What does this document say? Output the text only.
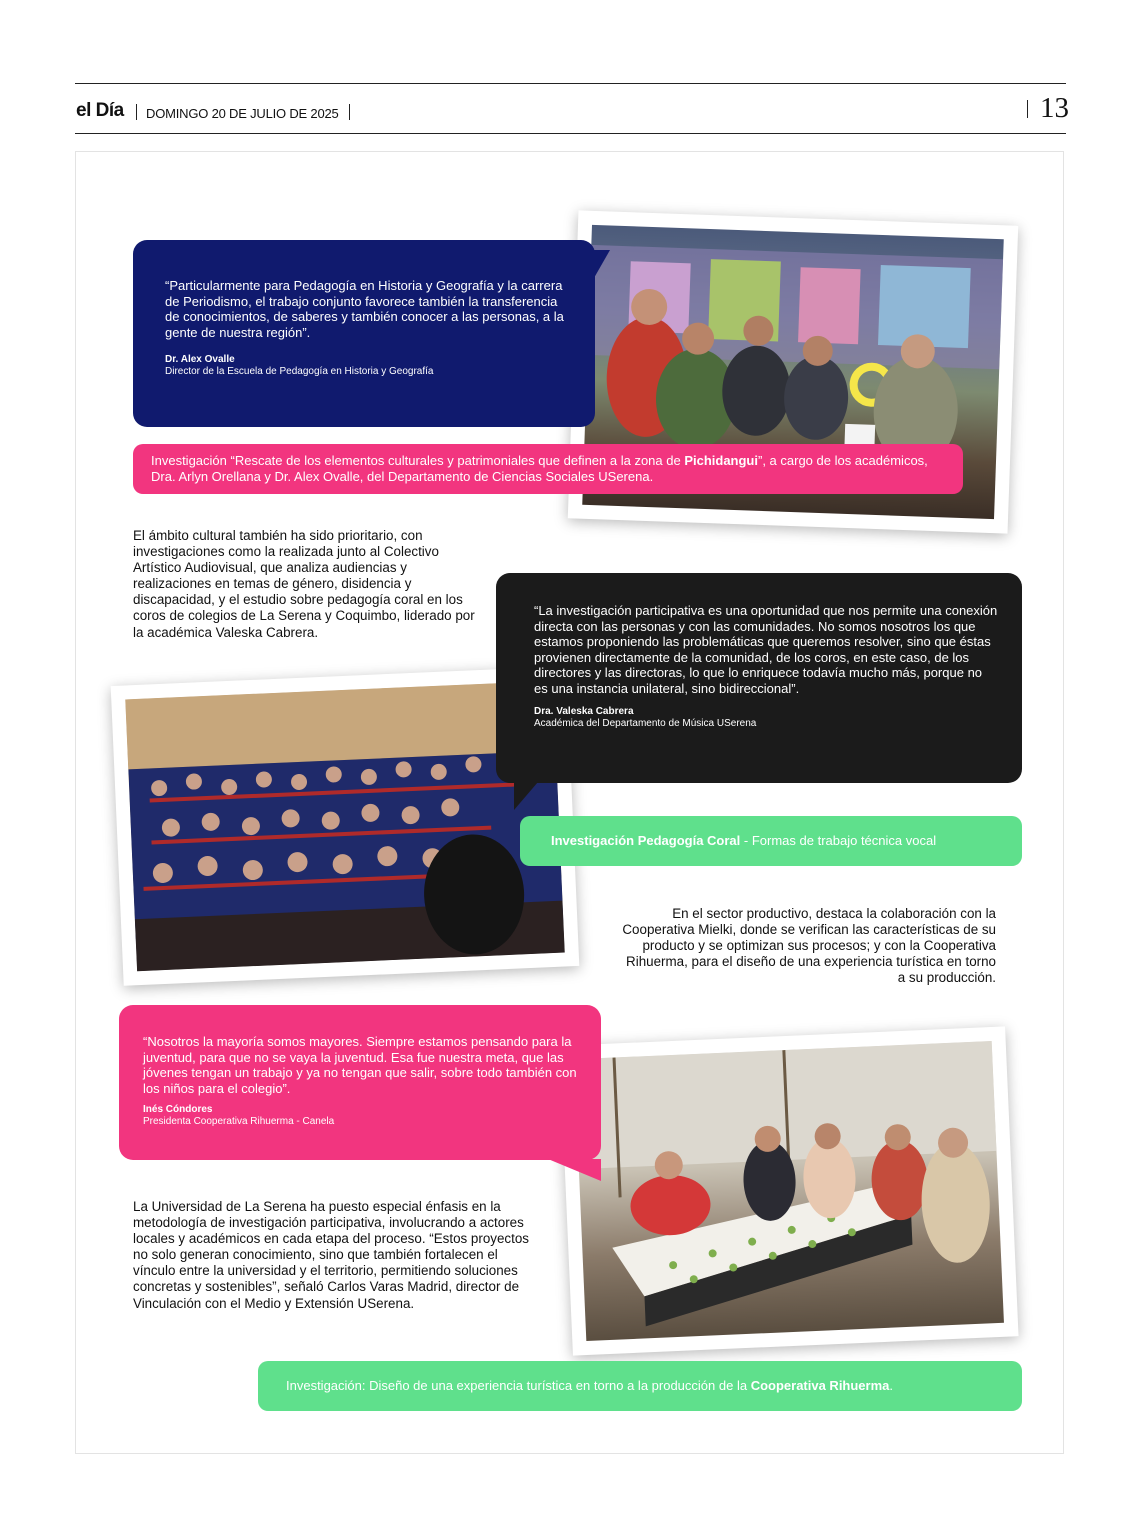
el Día DOMINGO 20 DE JULIO DE 2025	13

“Particularmente para Pedagogía en Historia y Geografía y la carrera de Periodismo, el trabajo conjunto favorece también la transferencia de conocimientos, de saberes y también conocer a las personas, a la gente de nuestra región”.

Dr. Alex Ovalle
Director de la Escuela de Pedagogía en Historia y Geografía
Investigación “Rescate de los elementos culturales y patrimoniales que definen a la zona de Pichidangui”, a cargo de los académicos, Dra. Arlyn Orellana y Dr. Alex Ovalle, del Departamento de Ciencias Sociales USerena.

El ámbito cultural también ha sido prioritario, con investigaciones como la realizada junto al Colectivo Artístico Audiovisual, que analiza audiencias y realizaciones en temas de género, disidencia y discapacidad, y el estudio sobre pedagogía coral en los coros de colegios de La Serena y Coquimbo, liderado por la académica Valeska Cabrera.

“La investigación participativa es una oportunidad que nos permite una conexión directa con las personas y con las comunidades. No somos nosotros los que estamos proponiendo las problemáticas que queremos resolver, sino que éstas provienen directamente de la comunidad, de los coros, en este caso, de los directores y las directoras, lo que lo enriquece todavía mucho más, porque no es una instancia unilateral, sino bidireccional”.

Dra. Valeska Cabrera
Académica del Departamento de Música USerena
Investigación Pedagogía Coral - Formas de trabajo técnica vocal

En el sector productivo, destaca la colaboración con la Cooperativa Mielki, donde se verifican las características de su producto y se optimizan sus procesos; y con la Cooperativa Rihuerma, para el diseño de una experiencia turística en torno a su producción.

“Nosotros la mayoría somos mayores. Siempre estamos pensando para la juventud, para que no se vaya la juventud. Esa fue nuestra meta, que las jóvenes tengan un trabajo y ya no tengan que salir, sobre todo también con los niños para el colegio”.

Inés Cóndores
Presidenta Cooperativa Rihuerma - Canela

La Universidad de La Serena ha puesto especial énfasis en la metodología de investigación participativa, involucrando a actores locales y académicos en cada etapa del proceso. “Estos proyectos no solo generan conocimiento, sino que también fortalecen el vínculo entre la universidad y el territorio, permitiendo soluciones concretas y sostenibles”, señaló Carlos Varas Madrid, director de Vinculación con el Medio y Extensión USerena.

Investigación: Diseño de una experiencia turística en torno a la producción de la Cooperativa Rihuerma.
